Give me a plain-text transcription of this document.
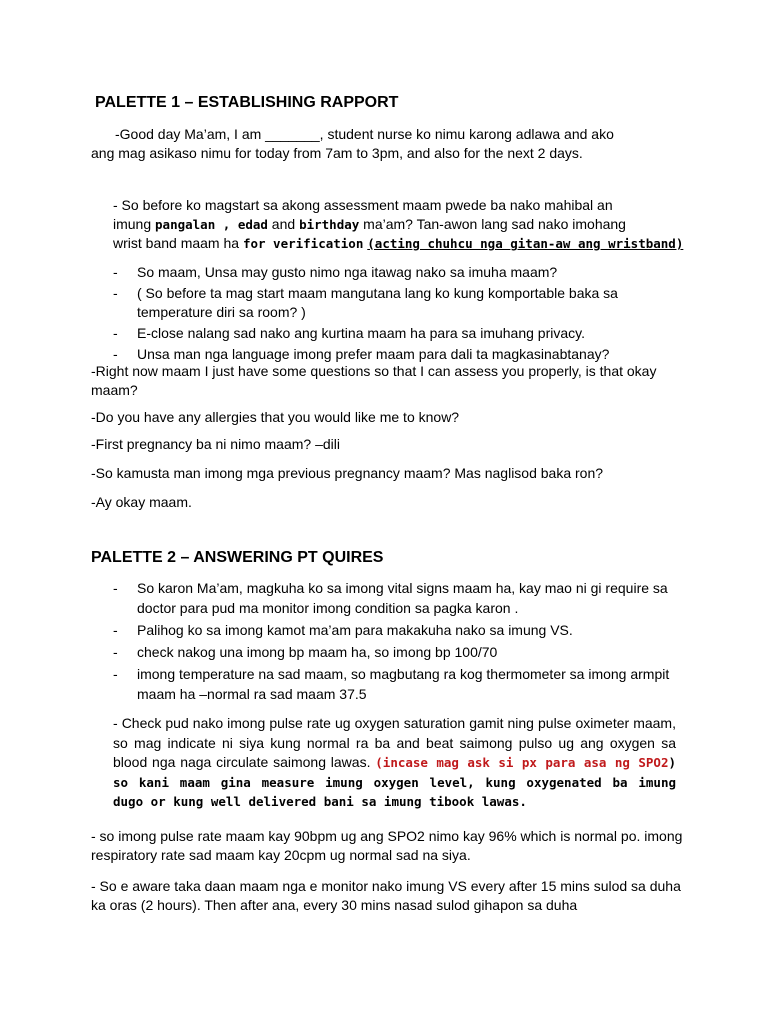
PALETTE 1 – ESTABLISHING RAPPORT

-Good day Ma’am, I am _______, student nurse ko nimu karong adlawa and ako
ang mag asikaso nimu for today from 7am to 3pm, and also for the next 2 days.

- So before ko magstart sa akong assessment maam pwede ba nako mahibal an
imung pangalan , edad and birthday ma’am? Tan-awon lang sad nako imohang
wrist band maam ha for verification (acting chuhcu nga gitan-aw ang wristband)

- So maam, Unsa may gusto nimo nga itawag nako sa imuha maam?
- ( So before ta mag start maam mangutana lang ko kung komportable baka sa temperature diri sa room? )
- E-close nalang sad nako ang kurtina maam ha para sa imuhang privacy.
- Unsa man nga language imong prefer maam para dali ta magkasinabtanay?

-Right now maam I just have some questions so that I can assess you properly, is that okay maam?

-Do you have any allergies that you would like me to know?

-First pregnancy ba ni nimo maam? –dili

-So kamusta man imong mga previous pregnancy maam? Mas naglisod baka ron?

-Ay okay maam.

PALETTE 2 – ANSWERING PT QUIRES
- So karon Ma’am, magkuha ko sa imong vital signs maam ha, kay mao ni gi require sa doctor para pud ma monitor imong condition sa pagka karon .
- Palihog ko sa imong kamot ma’am para makakuha nako sa imung VS.
- check nakog una imong bp maam ha, so imong bp 100/70
- imong temperature na sad maam, so magbutang ra kog thermometer sa imong armpit maam ha –normal ra sad maam 37.5

- Check pud nako imong pulse rate ug oxygen saturation gamit ning pulse oximeter maam, so mag indicate ni siya kung normal ra ba and beat saimong pulso ug ang oxygen sa blood nga naga circulate saimong lawas. (incase mag ask si px para asa ng SPO2) so kani maam gina measure imung oxygen level, kung oxygenated ba imung dugo or kung well delivered bani sa imung tibook lawas.

- so imong pulse rate maam kay 90bpm ug ang SPO2 nimo kay 96% which is normal po. imong respiratory rate sad maam kay 20cpm ug normal sad na siya.

- So e aware taka daan maam nga e monitor nako imung VS every after 15 mins sulod sa duha ka oras (2 hours). Then after ana, every 30 mins nasad sulod gihapon sa duha
